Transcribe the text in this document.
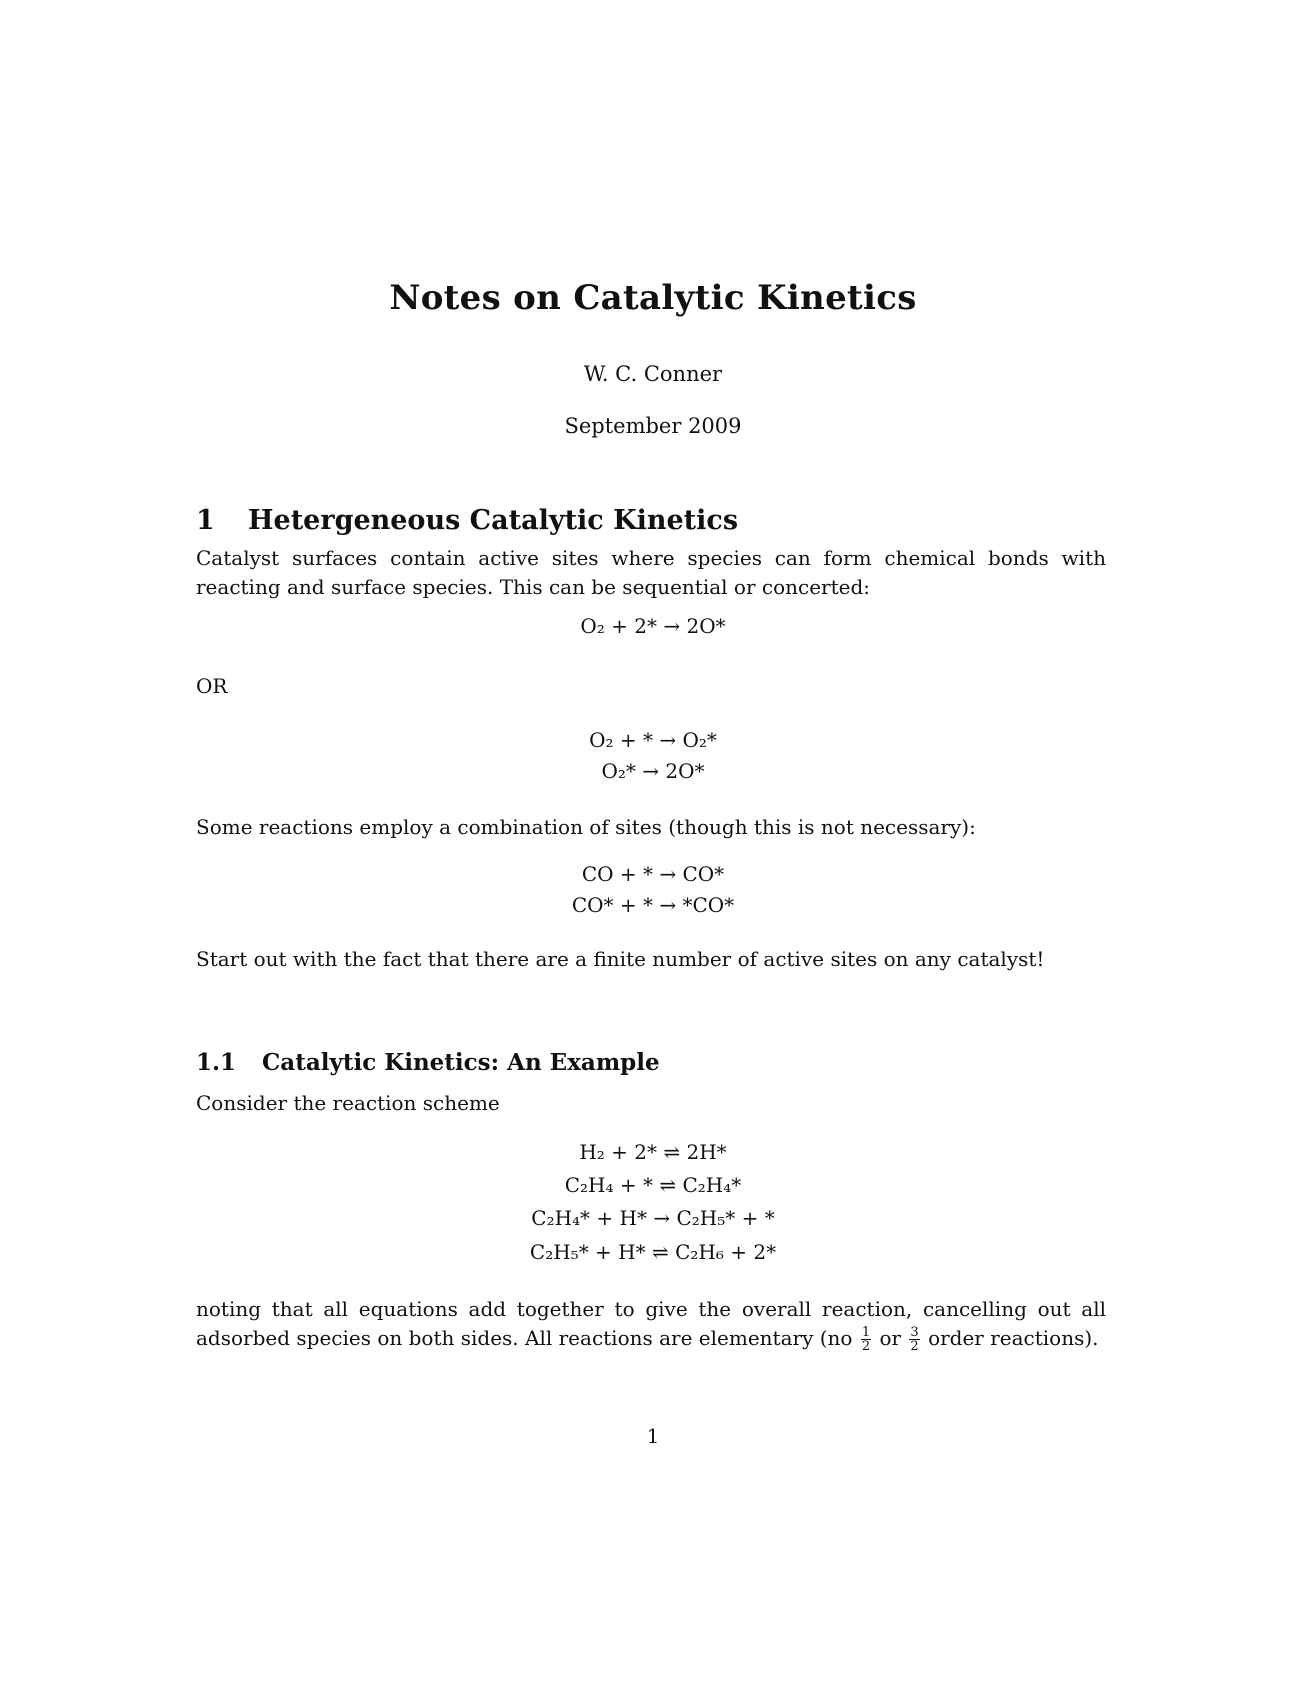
Notes on Catalytic Kinetics
W. C. Conner
September 2009
1 Hetergeneous Catalytic Kinetics
Catalyst surfaces contain active sites where species can form chemical bonds with reacting and surface species. This can be sequential or concerted:
O₂ + 2* → 2O*
OR
O₂ + * → O₂*
O₂* → 2O*
Some reactions employ a combination of sites (though this is not necessary):
CO + * → CO*
CO* + * → *CO*
Start out with the fact that there are a finite number of active sites on any catalyst!
1.1 Catalytic Kinetics: An Example
Consider the reaction scheme
H₂ + 2* ⇌ 2H*
C₂H₄ + * ⇌ C₂H₄*
C₂H₄* + H* → C₂H₅* + *
C₂H₅* + H* ⇌ C₂H₆ + 2*
noting that all equations add together to give the overall reaction, cancelling out all adsorbed species on both sides. All reactions are elementary ($no \frac{1}{2}$ or $\frac{3}{2}$ order reactions).
1
